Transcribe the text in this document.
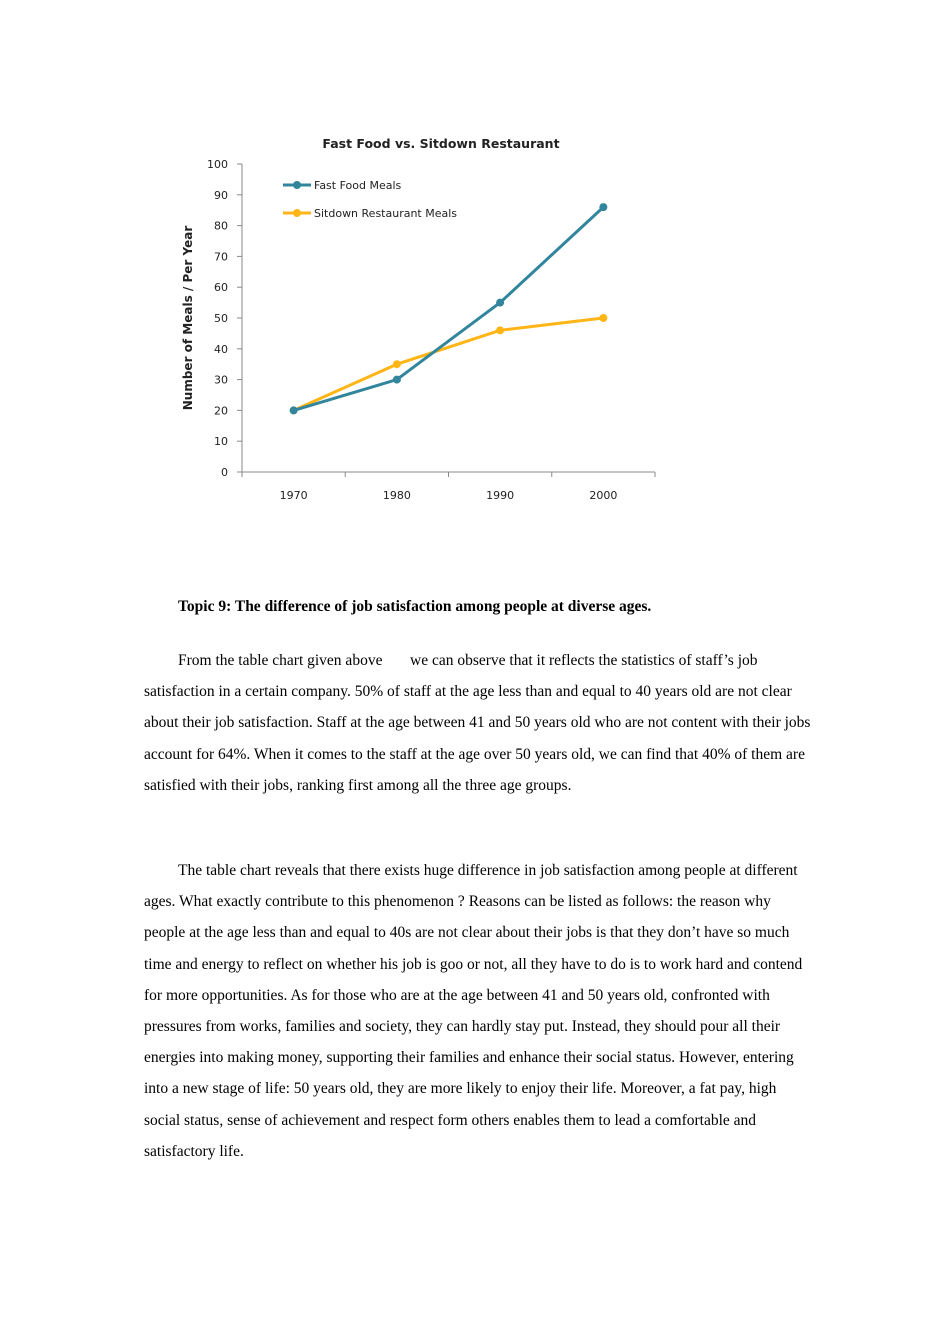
Fast Food vs. Sitdown Restaurant
Number of Meals / Per Year
0
10
20
30
40
50
60
70
80
90
100
1970	1980	1990	2000
Fast Food Meals
Sitdown Restaurant Meals

Topic 9: The difference of job satisfaction among people at diverse ages.

From the table chart given above  we can observe that it reflects the statistics of staff’s job satisfaction in a certain company. 50% of staff at the age less than and equal to 40 years old are not clear about their job satisfaction. Staff at the age between 41 and 50 years old who are not content with their jobs account for 64%. When it comes to the staff at the age over 50 years old, we can find that 40% of them are satisfied with their jobs, ranking first among all the three age groups.

The table chart reveals that there exists huge difference in job satisfaction among people at different ages. What exactly contribute to this phenomenon ? Reasons can be listed as follows: the reason why people at the age less than and equal to 40s are not clear about their jobs is that they don’t have so much time and energy to reflect on whether his job is goo or not, all they have to do is to work hard and contend for more opportunities. As for those who are at the age between 41 and 50 years old, confronted with pressures from works, families and society, they can hardly stay put. Instead, they should pour all their energies into making money, supporting their families and enhance their social status. However, entering into a new stage of life: 50 years old, they are more likely to enjoy their life. Moreover, a fat pay, high social status, sense of achievement and respect form others enables them to lead a comfortable and satisfactory life.
